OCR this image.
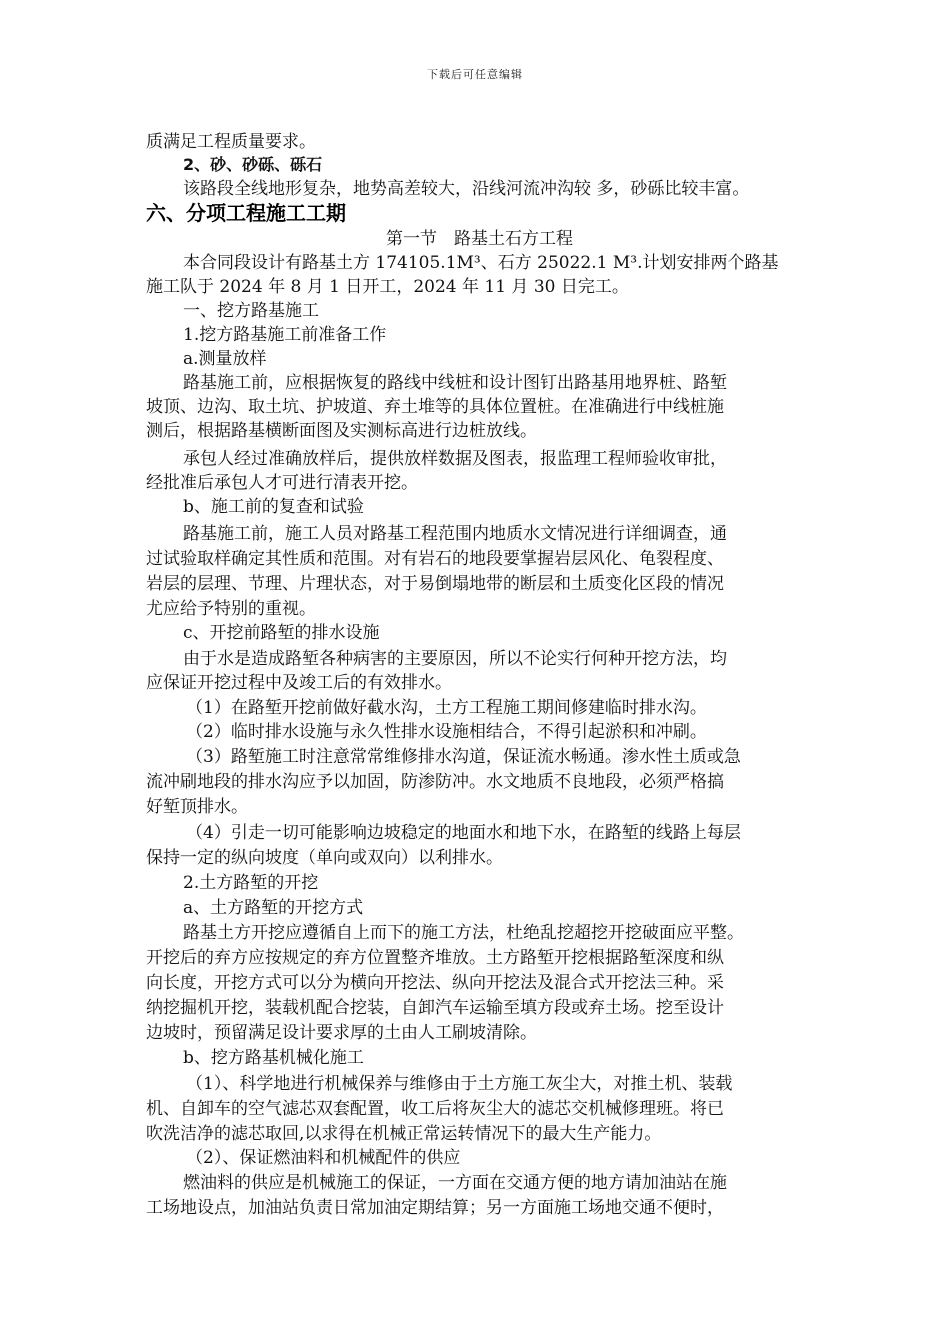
下载后可任意编辑
质满足工程质量要求。
2、砂、砂砾、砾石
该路段全线地形复杂，地势高差较大，沿线河流冲沟较 多，砂砾比较丰富。
六、分项工程施工工期
第一节　路基土石方工程
本合同段设计有路基土方 174105.1M³、石方 25022.1 M³.计划安排两个路基
施工队于 2024 年 8 月 1 日开工，2024 年 11 月 30 日完工。
一、挖方路基施工
1.挖方路基施工前准备工作
a.测量放样
路基施工前，应根据恢复的路线中线桩和设计图钉出路基用地界桩、路堑
坡顶、边沟、取土坑、护坡道、弃土堆等的具体位置桩。在准确进行中线桩施
测后，根据路基横断面图及实测标高进行边桩放线。
承包人经过准确放样后，提供放样数据及图表，报监理工程师验收审批，
经批准后承包人才可进行清表开挖。
b、施工前的复查和试验
路基施工前，施工人员对路基工程范围内地质水文情况进行详细调查，通
过试验取样确定其性质和范围。对有岩石的地段要掌握岩层风化、龟裂程度、
岩层的层理、节理、片理状态，对于易倒塌地带的断层和土质变化区段的情况
尤应给予特别的重视。
c、开挖前路堑的排水设施
由于水是造成路堑各种病害的主要原因，所以不论实行何种开挖方法，均
应保证开挖过程中及竣工后的有效排水。
（1）在路堑开挖前做好截水沟，土方工程施工期间修建临时排水沟。
（2）临时排水设施与永久性排水设施相结合，不得引起淤积和冲刷。
（3）路堑施工时注意常常维修排水沟道，保证流水畅通。渗水性土质或急
流冲刷地段的排水沟应予以加固，防渗防冲。水文地质不良地段，必须严格搞
好堑顶排水。
（4）引走一切可能影响边坡稳定的地面水和地下水，在路堑的线路上每层
保持一定的纵向坡度（单向或双向）以利排水。
2.土方路堑的开挖
a、土方路堑的开挖方式
路基土方开挖应遵循自上而下的施工方法，杜绝乱挖超挖开挖破面应平整。
开挖后的弃方应按规定的弃方位置整齐堆放。土方路堑开挖根据路堑深度和纵
向长度，开挖方式可以分为横向开挖法、纵向开挖法及混合式开挖法三种。采
纳挖掘机开挖，装载机配合挖装，自卸汽车运输至填方段或弃土场。挖至设计
边坡时，预留满足设计要求厚的土由人工刷坡清除。
b、挖方路基机械化施工
（1）、科学地进行机械保养与维修由于土方施工灰尘大，对推土机、装载
机、自卸车的空气滤芯双套配置，收工后将灰尘大的滤芯交机械修理班。将已
吹洗洁净的滤芯取回,以求得在机械正常运转情况下的最大生产能力。
（2）、保证燃油料和机械配件的供应
燃油料的供应是机械施工的保证，一方面在交通方便的地方请加油站在施
工场地设点，加油站负责日常加油定期结算；另一方面施工场地交通不便时，
